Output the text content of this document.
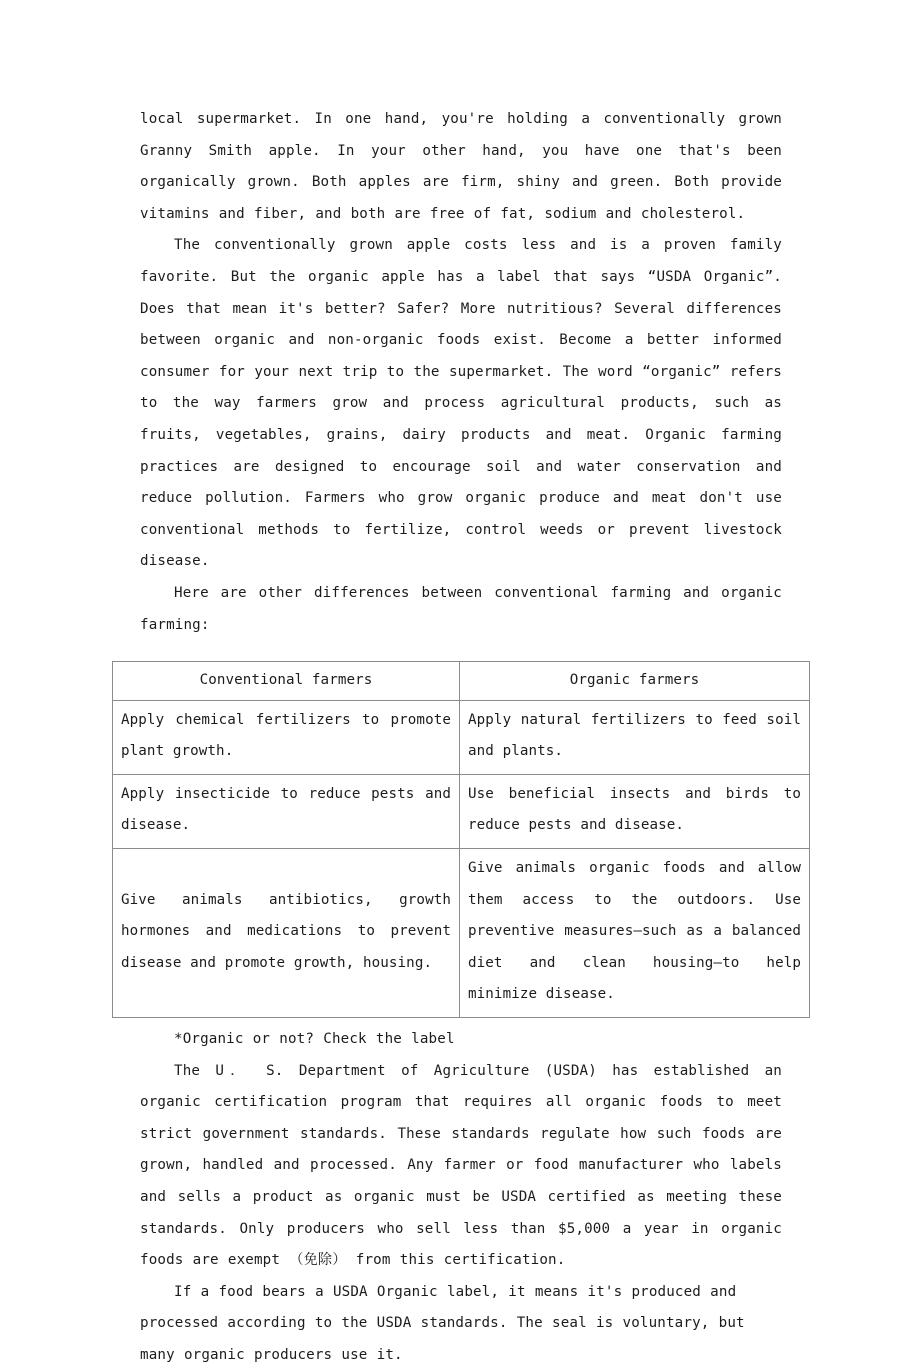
local supermarket. In one hand, you're holding a conventionally grown Granny Smith apple. In your other hand, you have one that's been organically grown. Both apples are firm, shiny and green. Both provide vitamins and fiber, and both are free of fat, sodium and cholesterol.

The conventionally grown apple costs less and is a proven family favorite. But the organic apple has a label that says “USDA Organic”. Does that mean it's better? Safer? More nutritious? Several differences between organic and non-organic foods exist. Become a better informed consumer for your next trip to the supermarket. The word “organic” refers to the way farmers grow and process agricultural products, such as fruits, vegetables, grains, dairy products and meat. Organic farming practices are designed to encourage soil and water conservation and reduce pollution. Farmers who grow organic produce and meat don't use conventional methods to fertilize, control weeds or prevent livestock disease.

Here are other differences between conventional farming and organic farming:

Conventional farmers	Organic farmers
Apply chemical fertilizers to promote plant growth.	Apply natural fertilizers to feed soil and plants.
Apply insecticide to reduce pests and disease.	Use beneficial insects and birds to reduce pests and disease.
Give animals antibiotics, growth hormones and medications to prevent disease and promote growth, housing.	Give animals organic foods and allow them access to the outdoors. Use preventive measures—such as a balanced diet and clean housing—to help minimize disease.

*Organic or not? Check the label

The U． S. Department of Agriculture (USDA) has established an organic certification program that requires all organic foods to meet strict government standards. These standards regulate how such foods are grown, handled and processed. Any farmer or food manufacturer who labels and sells a product as organic must be USDA certified as meeting these standards. Only producers who sell less than $5,000 a year in organic foods are exempt （免除） from this certification.

If a food bears a USDA Organic label, it means it's produced and processed according to the USDA standards. The seal is voluntary, but many organic producers use it.
